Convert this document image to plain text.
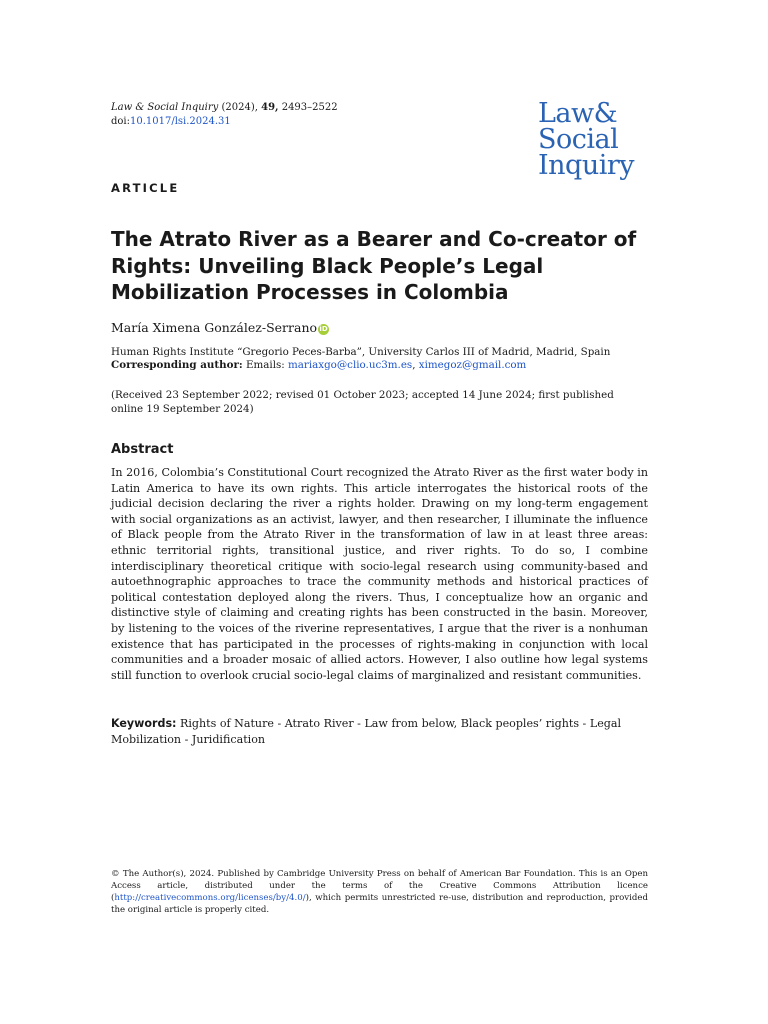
Law & Social Inquiry (2024), 49, 2493–2522
doi:10.1017/lsi.2024.31	Law&
Social
Inquiry
ARTICLE
The Atrato River as a Bearer and Co-creator of Rights: Unveiling Black People’s Legal Mobilization Processes in Colombia
María Ximena González-Serrano iD
Human Rights Institute “Gregorio Peces-Barba”, University Carlos III of Madrid, Madrid, Spain
Corresponding author: Emails: mariaxgo@clio.uc3m.es, ximegoz@gmail.com
(Received 23 September 2022; revised 01 October 2023; accepted 14 June 2024; first published online 19 September 2024)
Abstract

In 2016, Colombia’s Constitutional Court recognized the Atrato River as the first water body in Latin America to have its own rights. This article interrogates the historical roots of the judicial decision declaring the river a rights holder. Drawing on my long-term engagement with social organizations as an activist, lawyer, and then researcher, I illuminate the influence of Black people from the Atrato River in the transformation of law in at least three areas: ethnic territorial rights, transitional justice, and river rights. To do so, I combine interdisciplinary theoretical critique with socio-legal research using community-based and autoethnographic approaches to trace the community methods and historical practices of political contestation deployed along the rivers. Thus, I conceptualize how an organic and distinctive style of claiming and creating rights has been constructed in the basin. Moreover, by listening to the voices of the riverine representatives, I argue that the river is a nonhuman existence that has participated in the processes of rights-making in conjunction with local communities and a broader mosaic of allied actors. However, I also outline how legal systems still function to overlook crucial socio-legal claims of marginalized and resistant communities.

Keywords: Rights of Nature - Atrato River - Law from below, Black peoples’ rights - Legal Mobilization - Juridification

© The Author(s), 2024. Published by Cambridge University Press on behalf of American Bar Foundation. This is an Open Access article, distributed under the terms of the Creative Commons Attribution licence (http://creativecommons.org/licenses/by/4.0/), which permits unrestricted re-use, distribution and reproduction, provided the original article is properly cited.
